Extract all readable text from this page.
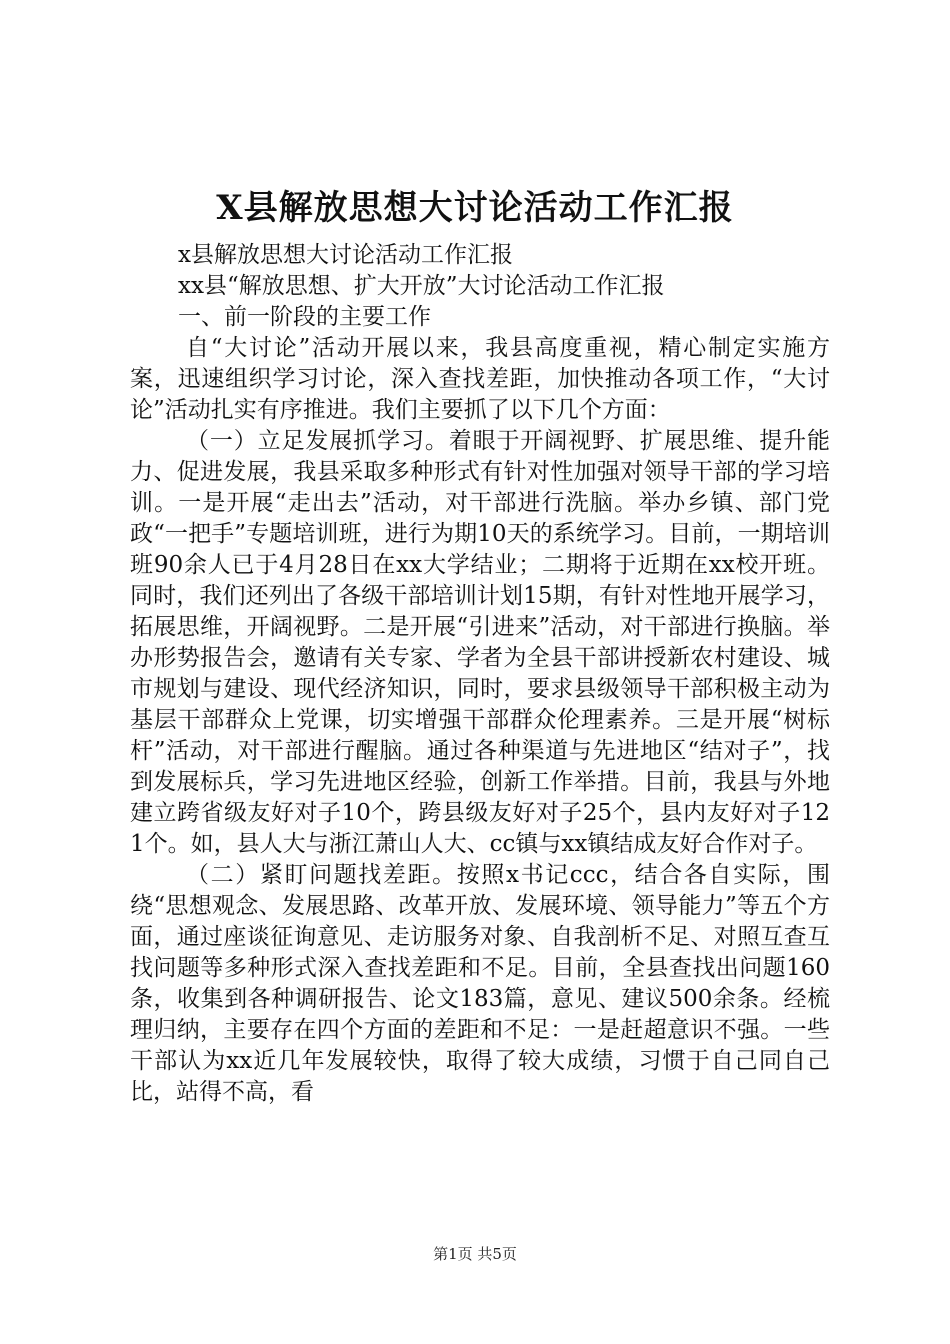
X县解放思想大讨论活动工作汇报

x县解放思想大讨论活动工作汇报

xx县“解放思想、扩大开放”大讨论活动工作汇报

一、前一阶段的主要工作

自“大讨论”活动开展以来，我县高度重视，精心制定实施方案，迅速组织学习讨论，深入查找差距，加快推动各项工作，“大讨论”活动扎实有序推进。我们主要抓了以下几个方面：

（一）立足发展抓学习。着眼于开阔视野、扩展思维、提升能力、促进发展，我县采取多种形式有针对性加强对领导干部的学习培训。一是开展“走出去”活动，对干部进行洗脑。举办乡镇、部门党政“一把手”专题培训班，进行为期10天的系统学习。目前，一期培训班90余人已于4月28日在xx大学结业；二期将于近期在xx校开班。同时，我们还列出了各级干部培训计划15期，有针对性地开展学习，拓展思维，开阔视野。二是开展“引进来”活动，对干部进行换脑。举办形势报告会，邀请有关专家、学者为全县干部讲授新农村建设、城市规划与建设、现代经济知识，同时，要求县级领导干部积极主动为基层干部群众上党课，切实增强干部群众伦理素养。三是开展“树标杆”活动，对干部进行醒脑。通过各种渠道与先进地区“结对子”，找到发展标兵，学习先进地区经验，创新工作举措。目前，我县与外地建立跨省级友好对子10个，跨县级友好对子25个，县内友好对子121个。如，县人大与浙江萧山人大、cc镇与xx镇结成友好合作对子。

（二）紧盯问题找差距。按照x书记ccc，结合各自实际，围绕“思想观念、发展思路、改革开放、发展环境、领导能力”等五个方面，通过座谈征询意见、走访服务对象、自我剖析不足、对照互查互找问题等多种形式深入查找差距和不足。目前，全县查找出问题160条，收集到各种调研报告、论文183篇，意见、建议500余条。经梳理归纳，主要存在四个方面的差距和不足：一是赶超意识不强。一些干部认为xx近几年发展较快，取得了较大成绩，习惯于自己同自己比，站得不高，看

第1页 共5页
